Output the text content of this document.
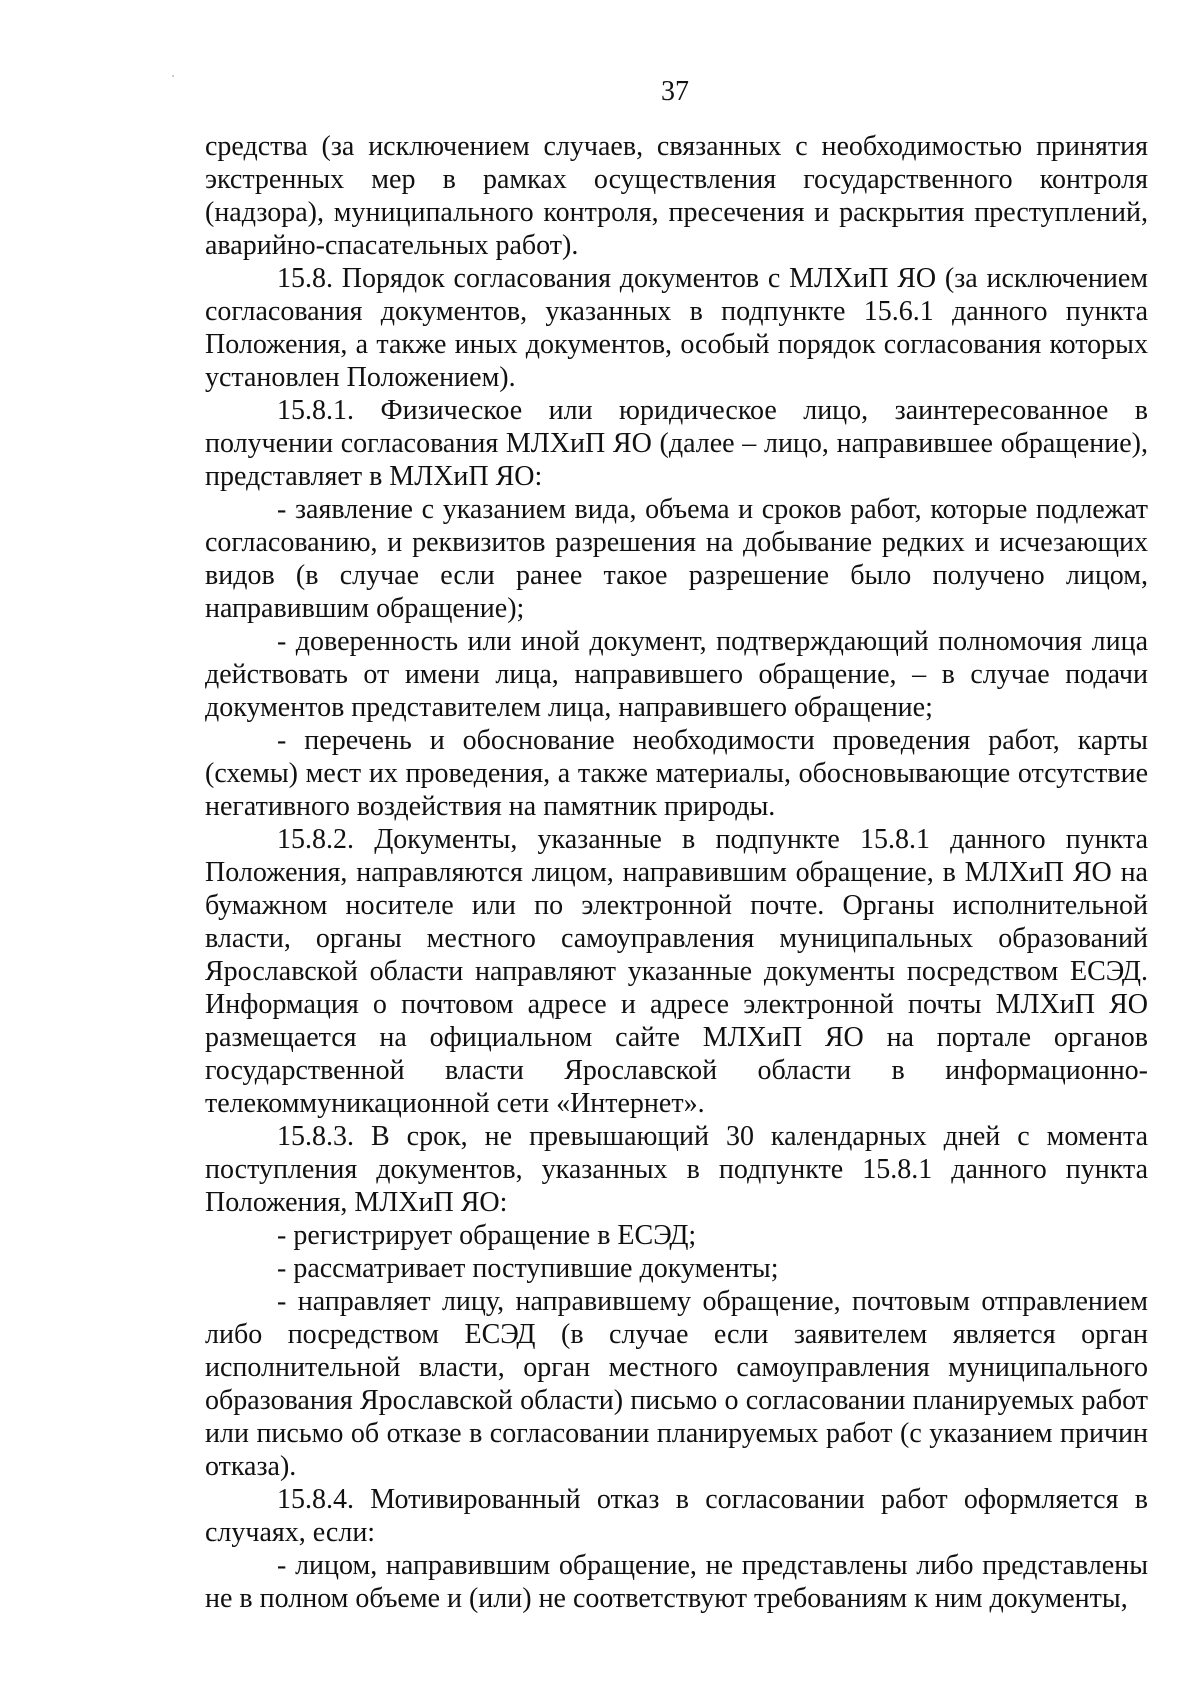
37

средства (за исключением случаев, связанных с необходимостью принятия экстренных мер в рамках осуществления государственного контроля (надзора), муниципального контроля, пресечения и раскрытия преступлений, аварийно-спасательных работ).

15.8. Порядок согласования документов с МЛХиП ЯО (за исключением согласования документов, указанных в подпункте 15.6.1 данного пункта Положения, а также иных документов, особый порядок согласования которых установлен Положением).

15.8.1. Физическое или юридическое лицо, заинтересованное в получении согласования МЛХиП ЯО (далее – лицо, направившее обращение), представляет в МЛХиП ЯО:

- заявление с указанием вида, объема и сроков работ, которые подлежат согласованию, и реквизитов разрешения на добывание редких и исчезающих видов (в случае если ранее такое разрешение было получено лицом, направившим обращение);

- доверенность или иной документ, подтверждающий полномочия лица действовать от имени лица, направившего обращение, – в случае подачи документов представителем лица, направившего обращение;

- перечень и обоснование необходимости проведения работ, карты (схемы) мест их проведения, а также материалы, обосновывающие отсутствие негативного воздействия на памятник природы.

15.8.2. Документы, указанные в подпункте 15.8.1 данного пункта Положения, направляются лицом, направившим обращение, в МЛХиП ЯО на бумажном носителе или по электронной почте. Органы исполнительной власти, органы местного самоуправления муниципальных образований Ярославской области направляют указанные документы посредством ЕСЭД. Информация о почтовом адресе и адресе электронной почты МЛХиП ЯО размещается на официальном сайте МЛХиП ЯО на портале органов государственной власти Ярославской области в информационно-телекоммуникационной сети «Интернет».

15.8.3. В срок, не превышающий 30 календарных дней с момента поступления документов, указанных в подпункте 15.8.1 данного пункта Положения, МЛХиП ЯО:

- регистрирует обращение в ЕСЭД;

- рассматривает поступившие документы;

- направляет лицу, направившему обращение, почтовым отправлением либо посредством ЕСЭД (в случае если заявителем является орган исполнительной власти, орган местного самоуправления муниципального образования Ярославской области) письмо о согласовании планируемых работ или письмо об отказе в согласовании планируемых работ (с указанием причин отказа).

15.8.4. Мотивированный отказ в согласовании работ оформляется в случаях, если:

- лицом, направившим обращение, не представлены либо представлены не в полном объеме и (или) не соответствуют требованиям к ним документы,
